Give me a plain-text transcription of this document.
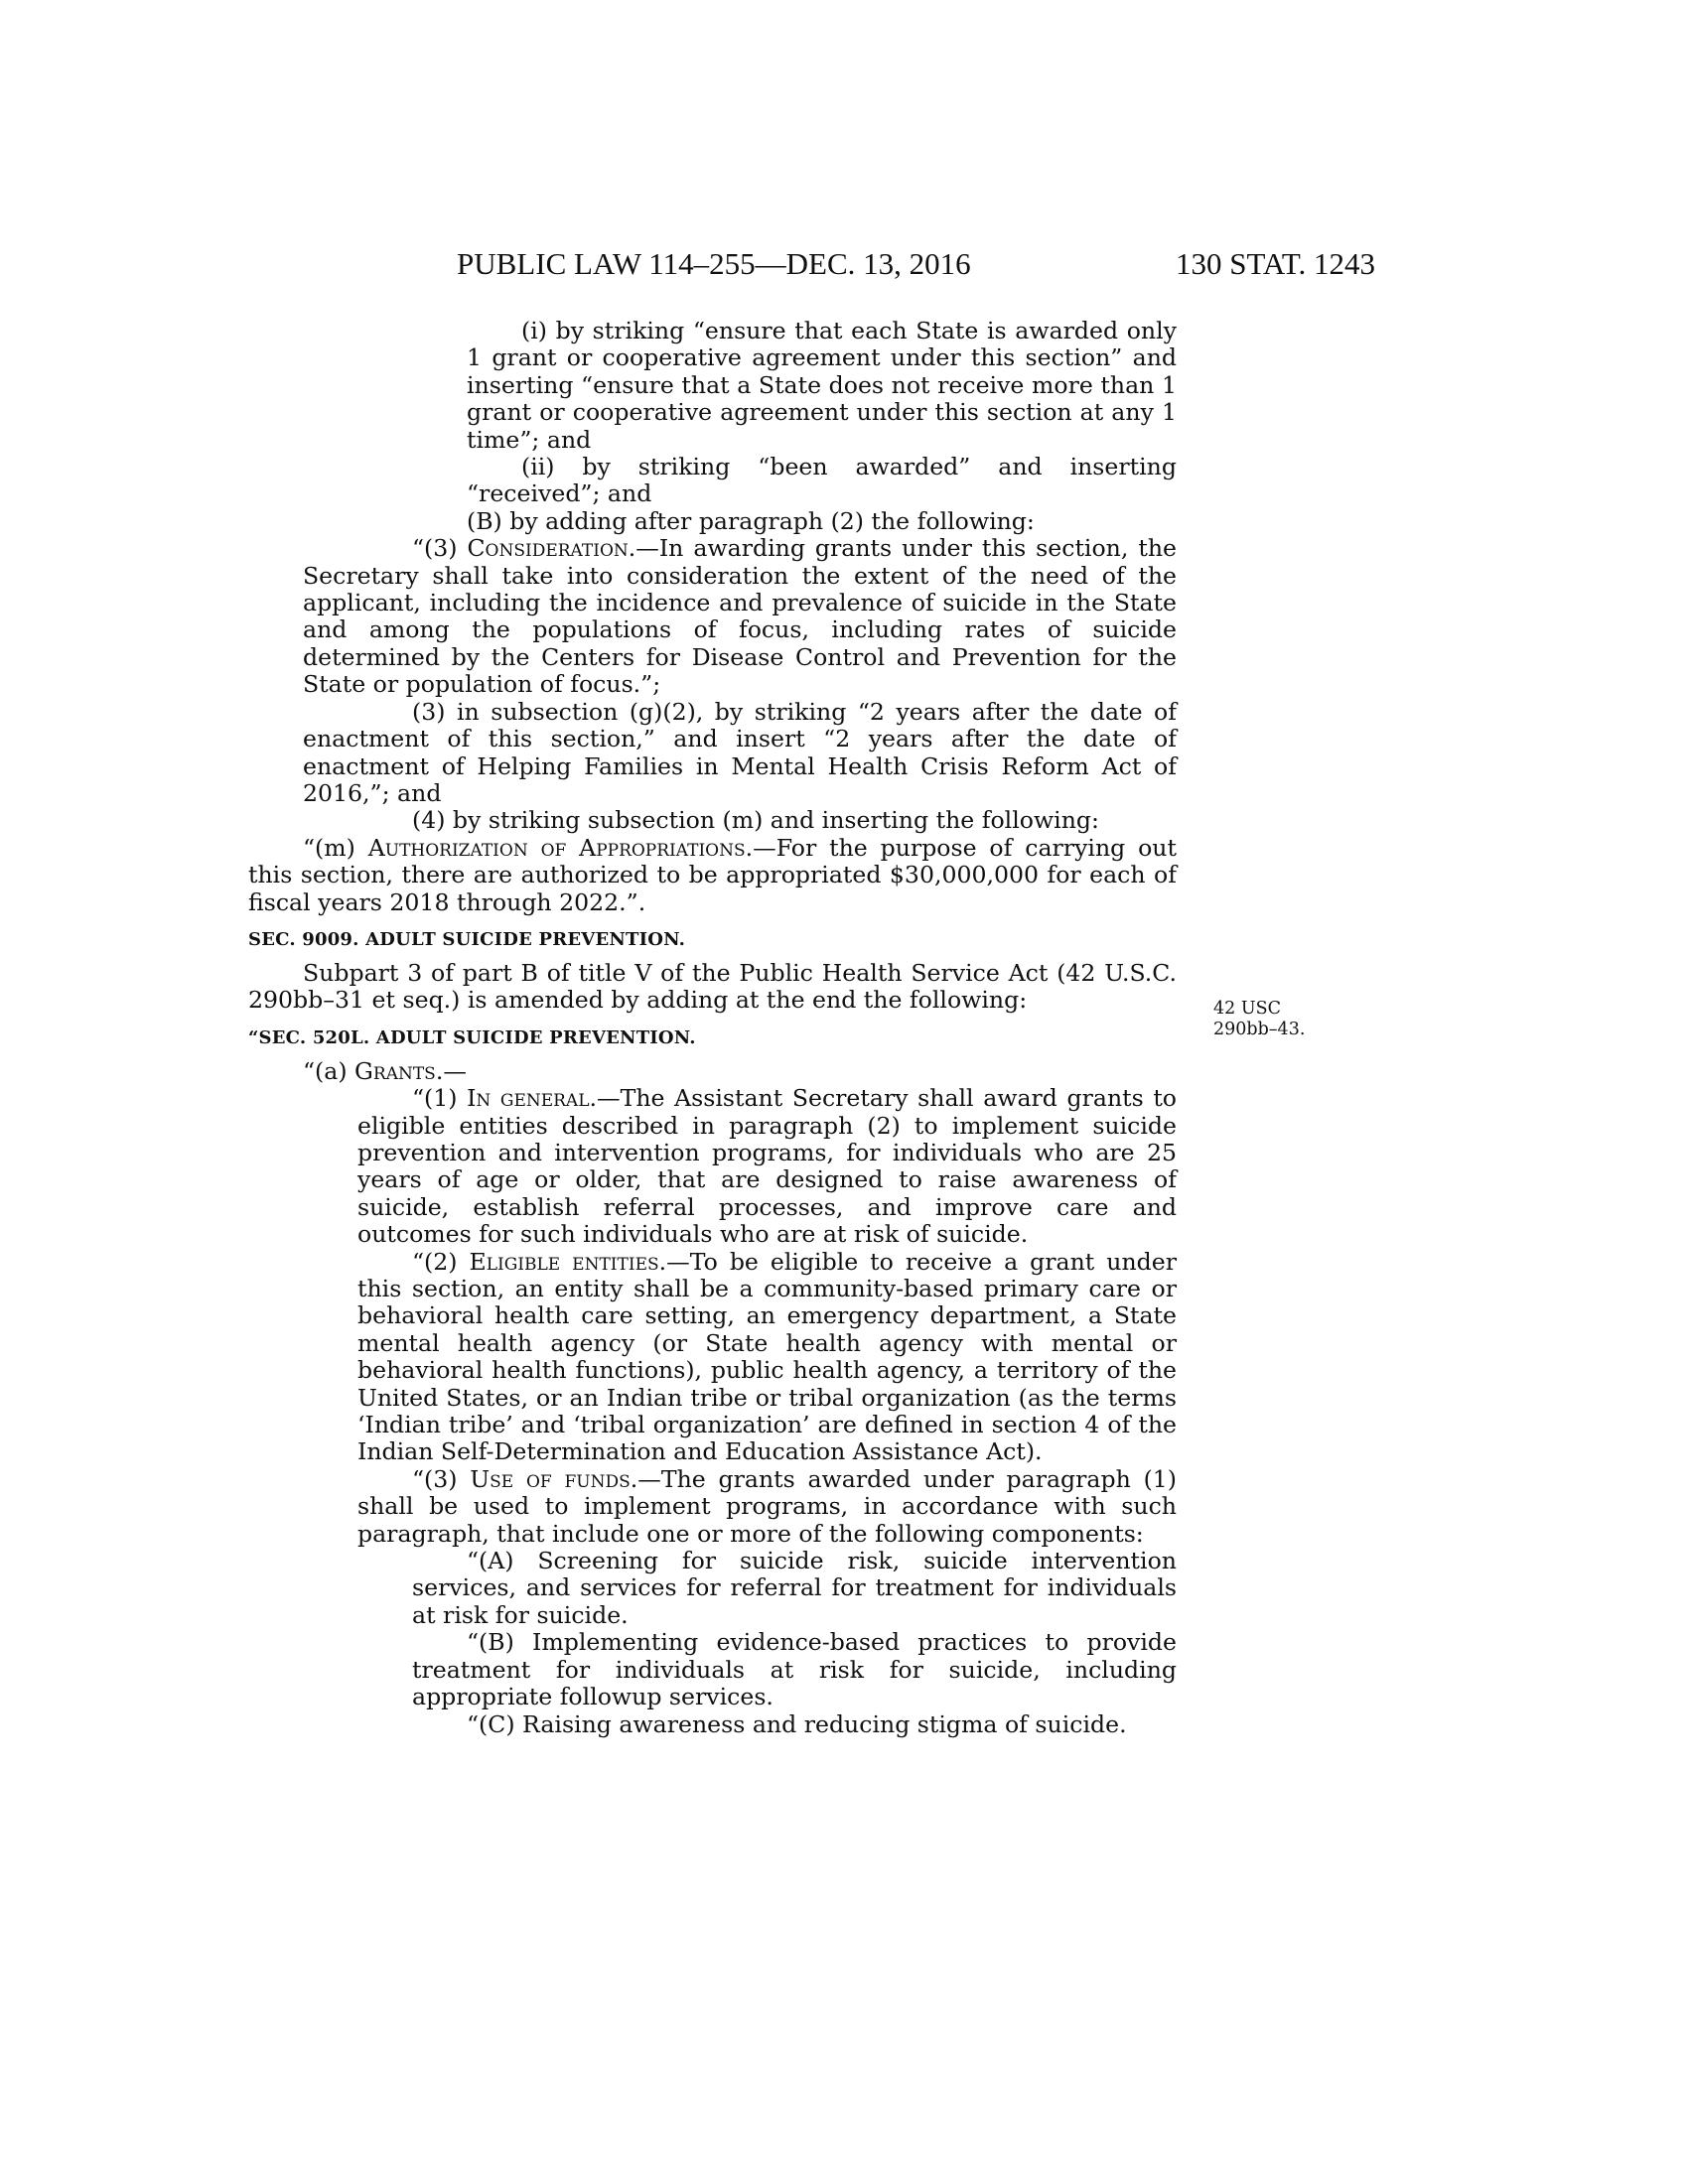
PUBLIC LAW 114–255—DEC. 13, 2016	130 STAT. 1243
42 USC
290bb–43.

(i) by striking “ensure that each State is awarded only 1 grant or cooperative agreement under this section” and inserting “ensure that a State does not receive more than 1 grant or cooperative agreement under this section at any 1 time”; and

(ii) by striking “been awarded” and inserting “received”; and

(B) by adding after paragraph (2) the following:

“(3) Consideration.—In awarding grants under this section, the Secretary shall take into consideration the extent of the need of the applicant, including the incidence and prevalence of suicide in the State and among the populations of focus, including rates of suicide determined by the Centers for Disease Control and Prevention for the State or population of focus.”;

(3) in subsection (g)(2), by striking “2 years after the date of enactment of this section,” and insert “2 years after the date of enactment of Helping Families in Mental Health Crisis Reform Act of 2016,”; and

(4) by striking subsection (m) and inserting the following:

“(m) Authorization of Appropriations.—For the purpose of carrying out this section, there are authorized to be appropriated $30,000,000 for each of fiscal years 2018 through 2022.”.

SEC. 9009. ADULT SUICIDE PREVENTION.

Subpart 3 of part B of title V of the Public Health Service Act (42 U.S.C. 290bb–31 et seq.) is amended by adding at the end the following:

“SEC. 520L. ADULT SUICIDE PREVENTION.

“(a) Grants.—

“(1) In general.—The Assistant Secretary shall award grants to eligible entities described in paragraph (2) to implement suicide prevention and intervention programs, for individuals who are 25 years of age or older, that are designed to raise awareness of suicide, establish referral processes, and improve care and outcomes for such individuals who are at risk of suicide.

“(2) Eligible entities.—To be eligible to receive a grant under this section, an entity shall be a community-based primary care or behavioral health care setting, an emergency department, a State mental health agency (or State health agency with mental or behavioral health functions), public health agency, a territory of the United States, or an Indian tribe or tribal organization (as the terms ‘Indian tribe’ and ‘tribal organization’ are defined in section 4 of the Indian Self-Determination and Education Assistance Act).

“(3) Use of funds.—The grants awarded under paragraph (1) shall be used to implement programs, in accordance with such paragraph, that include one or more of the following components:

“(A) Screening for suicide risk, suicide intervention services, and services for referral for treatment for individuals at risk for suicide.

“(B) Implementing evidence-based practices to provide treatment for individuals at risk for suicide, including appropriate followup services.

“(C) Raising awareness and reducing stigma of suicide.
